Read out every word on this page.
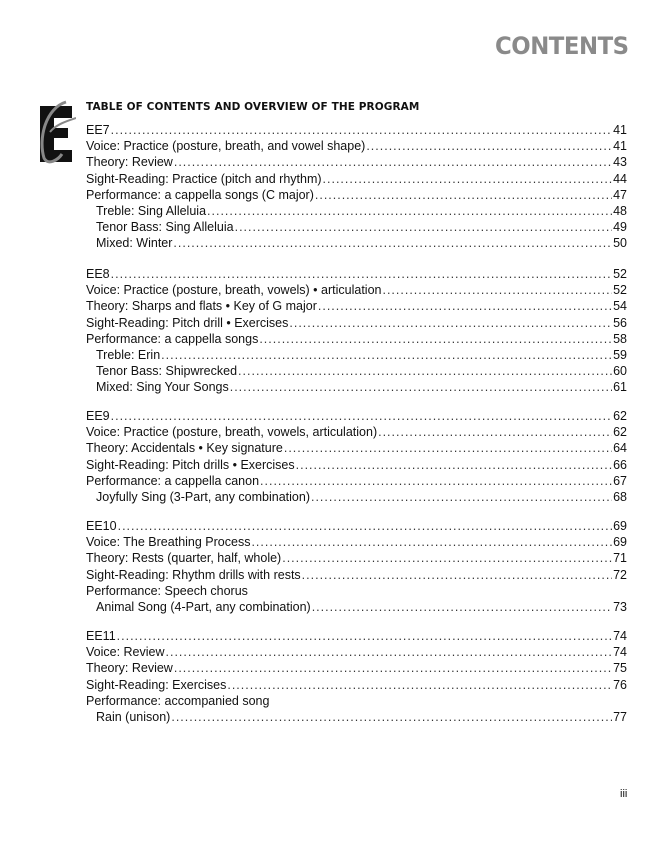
CONTENTS
TABLE OF CONTENTS AND OVERVIEW OF THE PROGRAM
EE7 .....	41
Voice: Practice (posture, breath, and vowel shape) .....	41
Theory: Review .....	43
Sight-Reading: Practice (pitch and rhythm) .....	44
Performance: a cappella songs (C major) .....	47
Treble: Sing Alleluia .....	48
Tenor Bass: Sing Alleluia .....	49
Mixed: Winter .....	50
EE8 .....	52
Voice: Practice (posture, breath, vowels) • articulation .....	52
Theory: Sharps and flats • Key of G major .....	54
Sight-Reading: Pitch drill • Exercises .....	56
Performance: a cappella songs .....	58
Treble: Erin .....	59
Tenor Bass: Shipwrecked .....	60
Mixed: Sing Your Songs .....	61
EE9 .....	62
Voice: Practice (posture, breath, vowels, articulation) .....	62
Theory: Accidentals • Key signature .....	64
Sight-Reading: Pitch drills • Exercises .....	66
Performance: a cappella canon .....	67
Joyfully Sing (3-Part, any combination) .....	68
EE10 .....	69
Voice: The Breathing Process .....	69
Theory: Rests (quarter, half, whole) .....	71
Sight-Reading: Rhythm drills with rests .....	72
Performance: Speech chorus
Animal Song (4-Part, any combination) .....	73
EE11 .....	74
Voice: Review .....	74
Theory: Review .....	75
Sight-Reading: Exercises .....	76
Performance: accompanied song
Rain (unison) .....	77
iii
